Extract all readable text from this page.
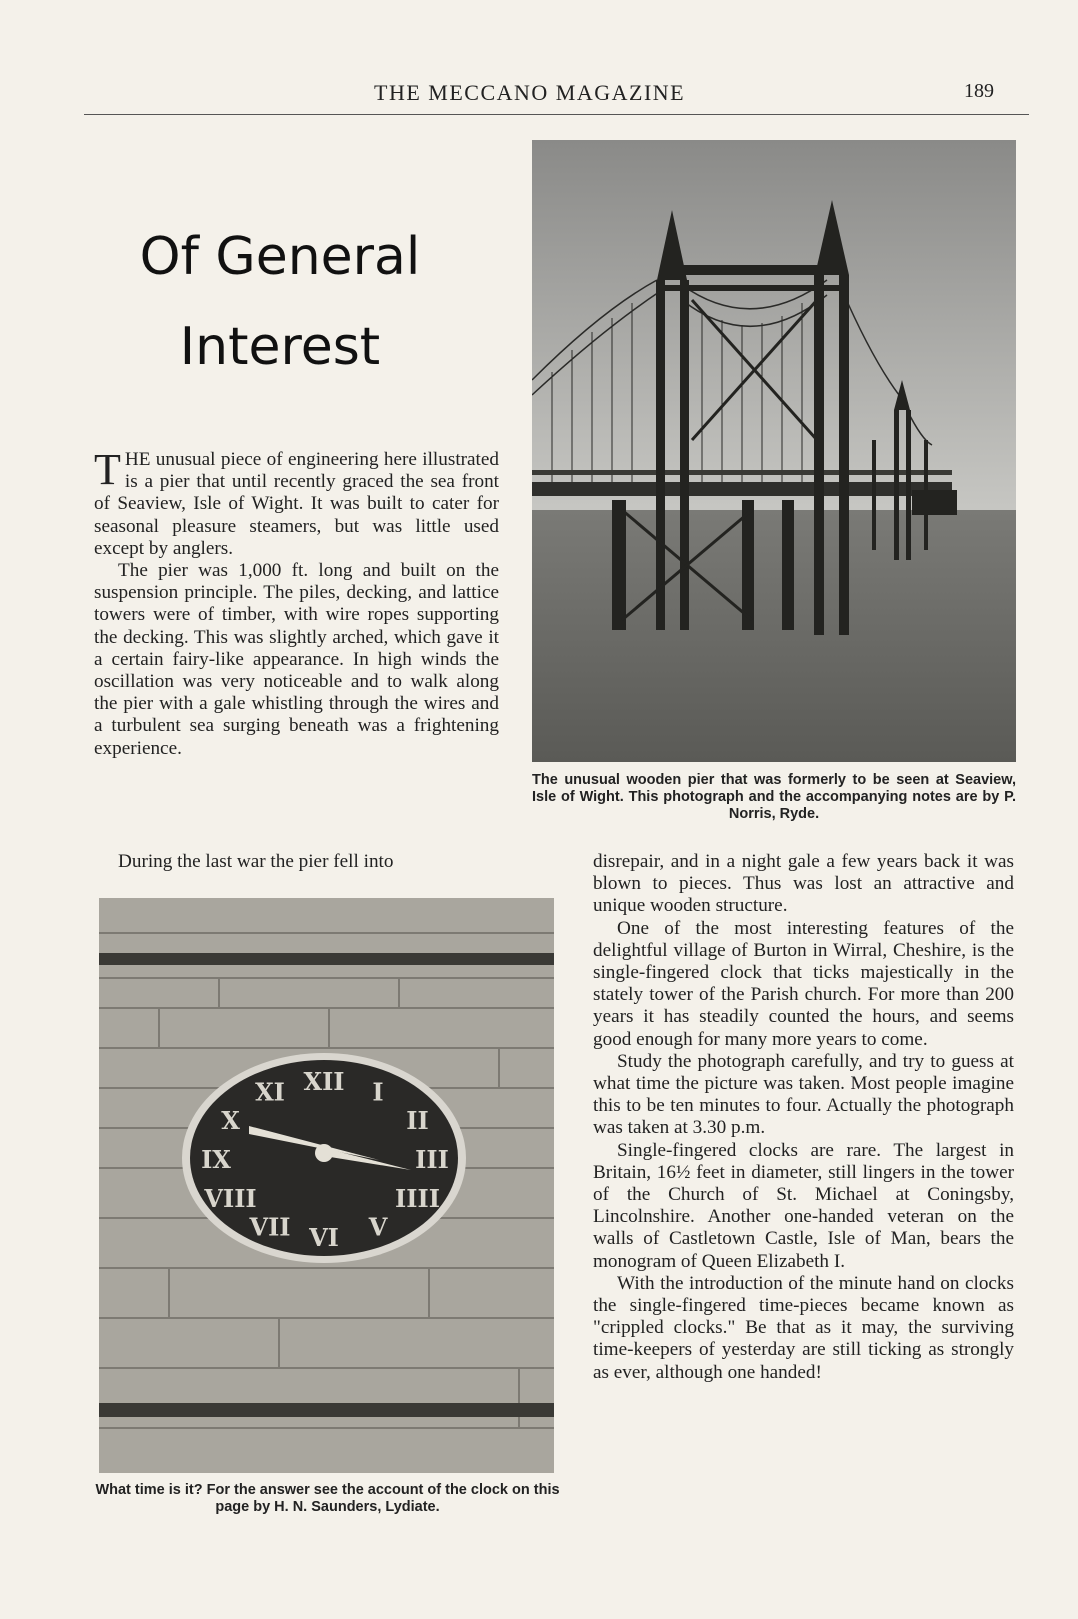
THE MECCANO MAGAZINE	189
Of General
Interest

THE unusual piece of engineering here illustrated is a pier that until recently graced the sea front of Seaview, Isle of Wight. It was built to cater for seasonal pleasure steamers, but was little used except by anglers.

The pier was 1,000 ft. long and built on the suspension principle. The piles, decking, and lattice towers were of timber, with wire ropes supporting the decking. This was slightly arched, which gave it a certain fairy-like appearance. In high winds the oscillation was very noticeable and to walk along the pier with a gale whistling through the wires and a turbulent sea surging beneath was a frightening experience.

During the last war the pier fell into	disrepair, and in a night gale a few years back it was blown to pieces. Thus was lost an attractive and unique wooden structure.

One of the most interesting features of the delightful village of Burton in Wirral, Cheshire, is the single-fingered clock that ticks majestically in the stately tower of the Parish church. For more than 200 years it has steadily counted the hours, and seems good enough for many more years to come.

Study the photograph carefully, and try to guess at what time the picture was taken. Most people imagine this to be ten minutes to four. Actually the photograph was taken at 3.30 p.m.

Single-fingered clocks are rare. The largest in Britain, 16½ feet in diameter, still lingers in the tower of the Church of St. Michael at Coningsby, Lincolnshire. Another one-handed veteran on the walls of Castletown Castle, Isle of Man, bears the monogram of Queen Elizabeth I.

With the introduction of the minute hand on clocks the single-fingered time-pieces became known as "crippled clocks." Be that as it may, the surviving time-keepers of yesterday are still ticking as strongly as ever, although one handed!

The unusual wooden pier that was formerly to be seen at Seaview, Isle of Wight. This photograph and the accompanying notes are by P. Norris, Ryde.
XII I
II
III
IIII
V
VI
VII
VIII
IX
X
XI
What time is it? For the answer see the account of the clock on this page by H. N. Saunders, Lydiate.
